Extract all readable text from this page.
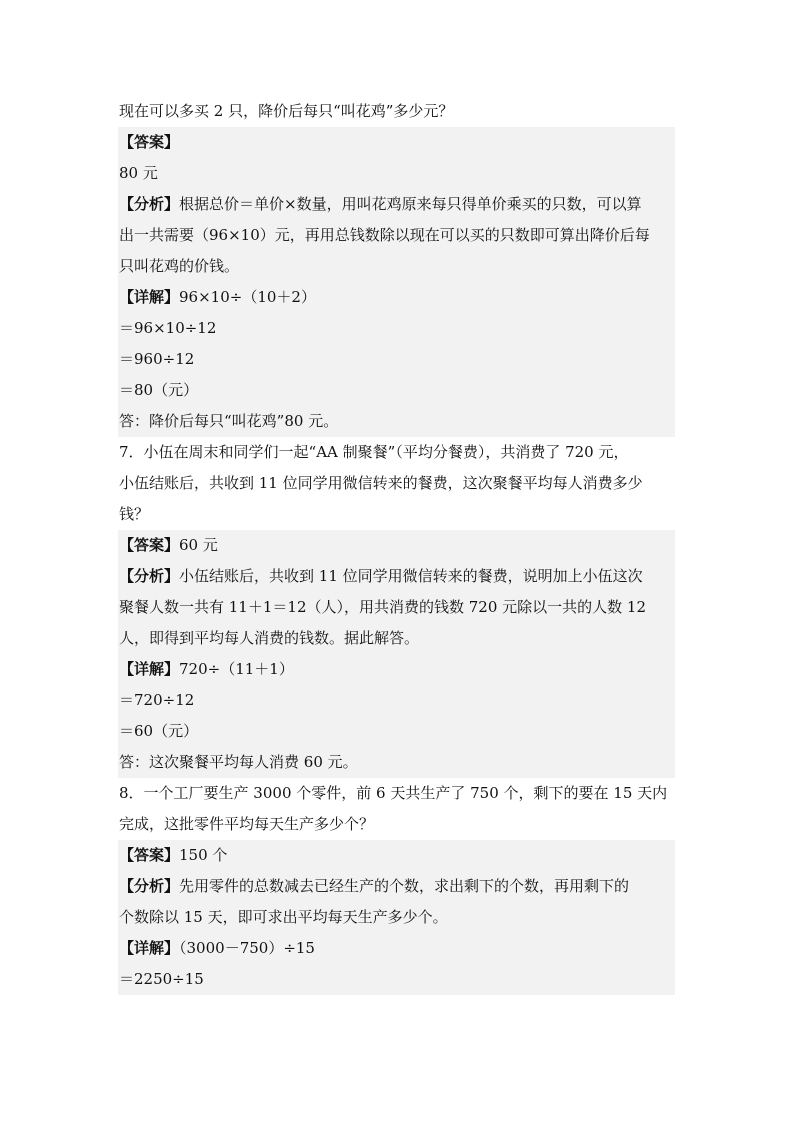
现在可以多买 2 只，降价后每只“叫花鸡”多少元？
【答案】
80 元
【分析】根据总价＝单价×数量，用叫花鸡原来每只得单价乘买的只数，可以算
出一共需要（96×10）元，再用总钱数除以现在可以买的只数即可算出降价后每
只叫花鸡的价钱。
【详解】96×10÷（10＋2）
＝96×10÷12
＝960÷12
＝80（元）
答：降价后每只“叫花鸡”80 元。
7．小伍在周末和同学们一起“AA 制聚餐”（平均分餐费），共消费了 720 元，
小伍结账后，共收到 11 位同学用微信转来的餐费，这次聚餐平均每人消费多少
钱？
【答案】60 元
【分析】小伍结账后，共收到 11 位同学用微信转来的餐费，说明加上小伍这次
聚餐人数一共有 11＋1＝12（人），用共消费的钱数 720 元除以一共的人数 12
人，即得到平均每人消费的钱数。据此解答。
【详解】720÷（11＋1）
＝720÷12
＝60（元）
答：这次聚餐平均每人消费 60 元。
8．一个工厂要生产 3000 个零件，前 6 天共生产了 750 个，剩下的要在 15 天内
完成，这批零件平均每天生产多少个？
【答案】150 个
【分析】先用零件的总数减去已经生产的个数，求出剩下的个数，再用剩下的
个数除以 15 天，即可求出平均每天生产多少个。
【详解】（3000－750）÷15
＝2250÷15
